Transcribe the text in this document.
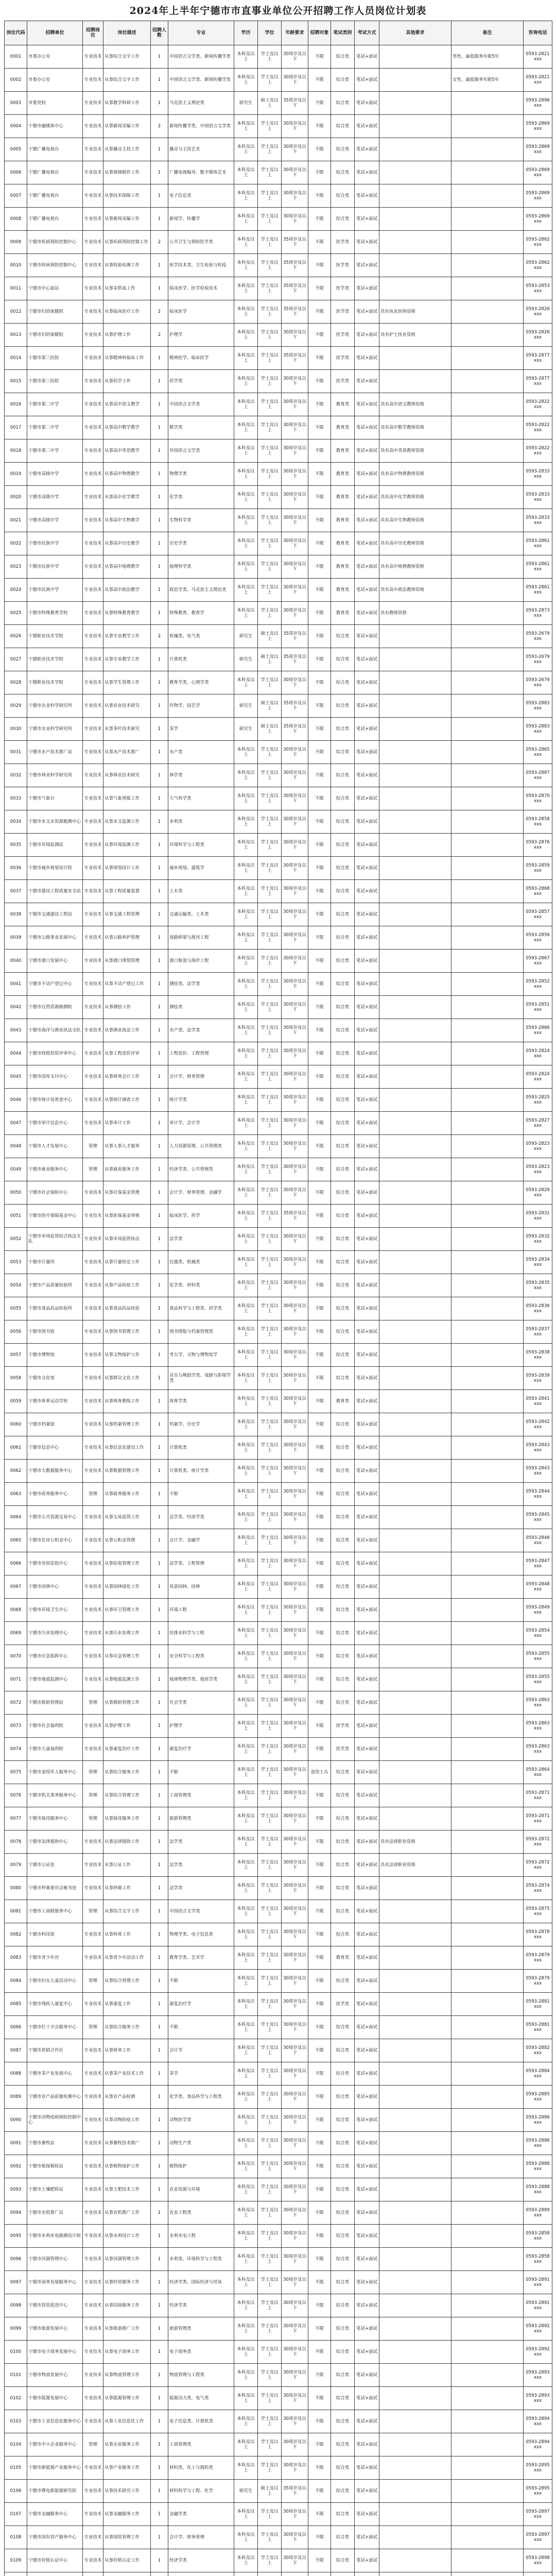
2024年上半年宁德市市直事业单位公开招聘工作人员岗位计划表
岗位代码	招聘单位	招聘岗位	岗位描述	招聘人数	专业	学历	学位	年龄要求	招聘对象	笔试类别	考试方式	其他要求	备注	咨询电话
0001	市委办公室	专业技术	从事综合文字工作	1	中国语言文学类、新闻传播学类	本科及以上	学士及以上	30周岁及以下	不限	综合类	笔试+面试		男性，最低服务年限5年	0593-2821xxx
0002	市委办公室	专业技术	从事综合文字工作	1	中国语言文学类、新闻传播学类	本科及以上	学士及以上	30周岁及以下	不限	综合类	笔试+面试		女性，最低服务年限5年	0593-2821xxx
0003	市委党校	专业技术	从事教学科研工作	1	马克思主义理论类	研究生	硕士及以上	35周岁及以下	不限	综合类	笔试+面试			0593-2896xxx
0004	宁德市融媒体中心	专业技术	从事新闻采编工作	2	新闻传播学类、中国语言文学类	本科及以上	学士及以上	30周岁及以下	不限	综合类	笔试+面试			0593-2869xxx
0005	宁德广播电视台	专业技术	从事播音主持工作	1	播音与主持艺术	本科及以上	学士及以上	30周岁及以下	不限	综合类	笔试+面试			0593-2869xxx
0006	宁德广播电视台	专业技术	从事视频制作工作	1	广播电视编导、数字媒体艺术	本科及以上	学士及以上	30周岁及以下	不限	综合类	笔试+面试			0593-2869xxx
0007	宁德广播电视台	专业技术	从事技术保障工作	1	电子信息类	本科及以上	学士及以上	30周岁及以下	不限	综合类	笔试+面试			0593-2869xxx
0008	宁德广播电视台	专业技术	从事新闻采编工作	1	新闻学、传播学	本科及以上	学士及以上	30周岁及以下	不限	综合类	笔试+面试			0593-2869xxx
0009	宁德市疾病预防控制中心	专业技术	从事疾病预防控制工作	2	公共卫生与预防医学类	本科及以上	学士及以上	35周岁及以下	不限	医学类	笔试+面试			0593-2862xxx
0010	宁德市疾病预防控制中心	专业技术	从事检验检测工作	1	医学技术类、卫生检验与检疫	本科及以上	学士及以上	35周岁及以下	不限	医学类	笔试+面试			0593-2862xxx
0011	宁德市中心血站	专业技术	从事采供血工作	1	临床医学、医学检验技术	本科及以上	学士及以上	35周岁及以下	不限	医学类	笔试+面试			0593-2853xxx
0012	宁德市妇幼保健院	专业技术	从事临床医疗工作	2	临床医学	本科及以上	学士及以上	35周岁及以下	不限	医学类	笔试+面试	具有执业医师资格		0593-2826xxx
0013	宁德市妇幼保健院	专业技术	从事护理工作	2	护理学	本科及以上	学士及以上	30周岁及以下	不限	医学类	笔试+面试	具有护士执业资格		0593-2826xxx
0014	宁德市第三医院	专业技术	从事精神科临床工作	1	精神医学、临床医学	本科及以上	学士及以上	35周岁及以下	不限	医学类	笔试+面试			0593-2877xxx
0015	宁德市第三医院	专业技术	从事药学工作	1	药学类	本科及以上	学士及以上	30周岁及以下	不限	医学类	笔试+面试			0593-2877xxx
0016	宁德市第二中学	专业技术	从事高中语文教学	1	中国语言文学类	本科及以上	学士及以上	30周岁及以下	不限	教育类	笔试+面试	具有高中语文教师资格		0593-2822xxx
0017	宁德市第二中学	专业技术	从事高中数学教学	1	数学类	本科及以上	学士及以上	30周岁及以下	不限	教育类	笔试+面试	具有高中数学教师资格		0593-2822xxx
0018	宁德市第二中学	专业技术	从事高中英语教学	1	外国语言文学类	本科及以上	学士及以上	30周岁及以下	不限	教育类	笔试+面试	具有高中英语教师资格		0593-2822xxx
0019	宁德市高级中学	专业技术	从事高中物理教学	1	物理学类	本科及以上	学士及以上	30周岁及以下	不限	教育类	笔试+面试	具有高中物理教师资格		0593-2833xxx
0020	宁德市高级中学	专业技术	从事高中化学教学	1	化学类	本科及以上	学士及以上	30周岁及以下	不限	教育类	笔试+面试	具有高中化学教师资格		0593-2833xxx
0021	宁德市高级中学	专业技术	从事高中生物教学	1	生物科学类	本科及以上	学士及以上	30周岁及以下	不限	教育类	笔试+面试	具有高中生物教师资格		0593-2833xxx
0022	宁德市民族中学	专业技术	从事高中历史教学	1	历史学类	本科及以上	学士及以上	30周岁及以下	不限	教育类	笔试+面试	具有高中历史教师资格		0593-2861xxx
0023	宁德市民族中学	专业技术	从事高中地理教学	1	地理科学类	本科及以上	学士及以上	30周岁及以下	不限	教育类	笔试+面试	具有高中地理教师资格		0593-2861xxx
0024	宁德市民族中学	专业技术	从事高中政治教学	1	政治学类、马克思主义理论类	本科及以上	学士及以上	30周岁及以下	不限	教育类	笔试+面试	具有高中政治教师资格		0593-2861xxx
0025	宁德市特殊教育学校	专业技术	从事特殊教育教学	1	特殊教育、教育学	本科及以上	学士及以上	30周岁及以下	不限	教育类	笔试+面试	具有教师资格		0593-2873xxx
0026	宁德职业技术学院	专业技术	从事专业教学工作	2	机械类、电气类	研究生	硕士及以上	35周岁及以下	不限	综合类	笔试+面试			0593-2679xxx
0027	宁德职业技术学院	专业技术	从事专业教学工作	1	计算机类	研究生	硕士及以上	35周岁及以下	不限	综合类	笔试+面试			0593-2679xxx
0028	宁德职业技术学院	专业技术	从事学生管理工作	1	教育学类、心理学类	本科及以上	学士及以上	30周岁及以下	不限	综合类	笔试+面试			0593-2679xxx
0029	宁德市农业科学研究所	专业技术	从事农业技术研究	1	作物学、园艺学	研究生	硕士及以上	35周岁及以下	不限	综合类	笔试+面试			0593-2883xxx
0030	宁德市农业科学研究所	专业技术	从事茶叶技术研究	1	茶学	研究生	硕士及以上	35周岁及以下	不限	综合类	笔试+面试			0593-2883xxx
0031	宁德市水产技术推广站	专业技术	从事水产技术推广	1	水产类	本科及以上	学士及以上	30周岁及以下	不限	综合类	笔试+面试			0593-2865xxx
0032	宁德市林业科学研究所	专业技术	从事林业技术研究	1	林学类	本科及以上	学士及以上	30周岁及以下	不限	综合类	笔试+面试			0593-2887xxx
0033	宁德市气象台	专业技术	从事气象预报工作	1	大气科学类	本科及以上	学士及以上	30周岁及以下	不限	综合类	笔试+面试			0593-2870xxx
0034	宁德市水文水资源勘测中心	专业技术	从事水文监测工作	1	水利类	本科及以上	学士及以上	30周岁及以下	不限	综合类	笔试+面试			0593-2858xxx
0035	宁德市环境监测站	专业技术	从事环境监测工作	1	环境科学与工程类	本科及以上	学士及以上	30周岁及以下	不限	综合类	笔试+面试			0593-2876xxx
0036	宁德市城乡规划设计院	专业技术	从事规划设计工作	1	城乡规划、建筑学	本科及以上	学士及以上	30周岁及以下	不限	综合类	笔试+面试			0593-2859xxx
0037	宁德市建设工程质量安全站	专业技术	从事工程质量监督	1	土木类	本科及以上	学士及以上	30周岁及以下	不限	综合类	笔试+面试			0593-2868xxx
0038	宁德市交通建设工程站	专业技术	从事交通工程管理	1	交通运输类、土木类	本科及以上	学士及以上	30周岁及以下	不限	综合类	笔试+面试			0593-2857xxx
0039	宁德市公路事业发展中心	专业技术	从事公路养护管理	1	道路桥梁与渡河工程	本科及以上	学士及以上	30周岁及以下	不限	综合类	笔试+面试			0593-2856xxx
0040	宁德市港口发展中心	专业技术	从事港口规划管理	1	港口航道与海岸工程	本科及以上	学士及以上	30周岁及以下	不限	综合类	笔试+面试			0593-2867xxx
0041	宁德市不动产登记中心	专业技术	从事不动产登记工作	1	测绘类、法学类	本科及以上	学士及以上	30周岁及以下	不限	综合类	笔试+面试			0593-2852xxx
0042	宁德市自然资源勘测院	专业技术	从事测绘工作	1	测绘类	本科及以上	学士及以上	30周岁及以下	不限	综合类	笔试+面试			0593-2851xxx
0043	宁德市海洋与渔业执法支队	专业技术	从事渔业执法工作	1	水产类、法学类	本科及以上	学士及以上	30周岁及以下	不限	综合类	笔试+面试			0593-2866xxx
0044	宁德市财政投资评审中心	专业技术	从事工程造价评审	1	工程造价、工程管理	本科及以上	学士及以上	30周岁及以下	不限	综合类	笔试+面试			0593-2824xxx
0045	宁德市国库支付中心	专业技术	从事财务会计工作	1	会计学、财务管理	本科及以上	学士及以上	30周岁及以下	不限	综合类	笔试+面试			0593-2824xxx
0046	宁德市统计局普查中心	专业技术	从事统计调查工作	1	统计学类	本科及以上	学士及以上	30周岁及以下	不限	综合类	笔试+面试			0593-2825xxx
0047	宁德市审计信息中心	专业技术	从事审计工作	1	审计学、会计学	本科及以上	学士及以上	30周岁及以下	不限	综合类	笔试+面试			0593-2827xxx
0048	宁德市人才发展中心	管理	从事人事人才服务	1	人力资源管理、公共管理类	本科及以上	学士及以上	30周岁及以下	不限	综合类	笔试+面试			0593-2823xxx
0049	宁德市就业服务中心	管理	从事就业服务工作	1	经济学类、公共管理类	本科及以上	学士及以上	30周岁及以下	不限	综合类	笔试+面试			0593-2823xxx
0050	宁德市社会保险中心	专业技术	从事社保基金管理	1	会计学、财务管理、金融学	本科及以上	学士及以上	30周岁及以下	不限	综合类	笔试+面试			0593-2829xxx
0051	宁德市医疗保障基金中心	专业技术	从事医保基金审核	1	临床医学、药学	本科及以上	学士及以上	35周岁及以下	不限	综合类	笔试+面试			0593-2831xxx
0052	宁德市市场监管综合执法支队	专业技术	从事市场监管执法	1	法学类	本科及以上	学士及以上	30周岁及以下	不限	综合类	笔试+面试			0593-2832xxx
0053	宁德市计量所	专业技术	从事计量检定工作	1	仪器类、机械类	本科及以上	学士及以上	30周岁及以下	不限	综合类	笔试+面试			0593-2834xxx
0054	宁德市产品质量检验所	专业技术	从事产品检验工作	1	化学类、材料类	本科及以上	学士及以上	30周岁及以下	不限	综合类	笔试+面试			0593-2835xxx
0055	宁德市食品药品检验所	专业技术	从事食品药品检验	1	食品科学与工程类、药学类	本科及以上	学士及以上	30周岁及以下	不限	综合类	笔试+面试			0593-2836xxx
0056	宁德市图书馆	专业技术	从事图书管理工作	1	图书情报与档案管理类	本科及以上	学士及以上	30周岁及以下	不限	综合类	笔试+面试			0593-2837xxx
0057	宁德市博物馆	专业技术	从事文物保护工作	1	考古学、文物与博物馆学	本科及以上	学士及以上	30周岁及以下	不限	综合类	笔试+面试			0593-2838xxx
0058	宁德市文化馆	专业技术	从事群众文化工作	1	音乐与舞蹈学类、戏剧与影视学类	本科及以上	学士及以上	30周岁及以下	不限	综合类	笔试+面试			0593-2839xxx
0059	宁德市体育运动学校	专业技术	从事体育教练工作	1	体育学类	本科及以上	学士及以上	30周岁及以下	不限	教育类	笔试+面试			0593-2841xxx
0060	宁德市档案馆	专业技术	从事档案管理工作	1	档案学、历史学	本科及以上	学士及以上	30周岁及以下	不限	综合类	笔试+面试			0593-2842xxx
0061	宁德市信息中心	专业技术	从事信息化建设工作	1	计算机类	本科及以上	学士及以上	30周岁及以下	不限	综合类	笔试+面试			0593-2843xxx
0062	宁德市大数据服务中心	专业技术	从事数据管理工作	1	计算机类、统计学类	本科及以上	学士及以上	30周岁及以下	不限	综合类	笔试+面试			0593-2843xxx
0063	宁德市政务服务中心	管理	从事政务服务工作	1	不限	本科及以上	学士及以上	30周岁及以下	不限	综合类	笔试+面试			0593-2844xxx
0064	宁德市公共资源交易中心	专业技术	从事交易监管工作	1	法学类、经济学类	本科及以上	学士及以上	30周岁及以下	不限	综合类	笔试+面试			0593-2845xxx
0065	宁德市住房公积金中心	专业技术	从事公积金管理	1	会计学、金融学	本科及以上	学士及以上	30周岁及以下	不限	综合类	笔试+面试			0593-2846xxx
0066	宁德市房屋征收中心	专业技术	从事征收管理工作	1	法学类、工程管理	本科及以上	学士及以上	30周岁及以下	不限	综合类	笔试+面试			0593-2847xxx
0067	宁德市园林中心	专业技术	从事园林绿化工作	1	风景园林、园林	本科及以上	学士及以上	30周岁及以下	不限	综合类	笔试+面试			0593-2848xxx
0068	宁德市环境卫生中心	专业技术	从事环卫管理工作	1	环境工程	本科及以上	学士及以上	30周岁及以下	不限	综合类	笔试+面试			0593-2849xxx
0069	宁德市污水处理中心	专业技术	从事污水处理工作	1	给排水科学与工程	本科及以上	学士及以上	30周岁及以下	不限	综合类	笔试+面试			0593-2854xxx
0070	宁德市应急指挥中心	专业技术	从事应急管理工作	1	安全科学与工程类	本科及以上	学士及以上	30周岁及以下	不限	综合类	笔试+面试			0593-2855xxx
0071	宁德市地震监测中心	专业技术	从事地震监测工作	1	地球物理学类、地质学类	本科及以上	学士及以上	30周岁及以下	不限	综合类	笔试+面试			0593-2855xxx
0072	宁德市救助管理站	管理	从事救助管理工作	1	社会学类	本科及以上	学士及以上	30周岁及以下	不限	综合类	笔试+面试			0593-2863xxx
0073	宁德市社会福利院	专业技术	从事护理工作	1	护理学	本科及以上	学士及以上	30周岁及以下	不限	医学类	笔试+面试			0593-2863xxx
0074	宁德市儿童福利院	专业技术	从事康复治疗工作	1	康复治疗学	本科及以上	学士及以上	30周岁及以下	不限	医学类	笔试+面试			0593-2863xxx
0075	宁德市退役军人服务中心	管理	从事综合服务工作	1	不限	本科及以上	学士及以上	30周岁及以下	退役士兵	综合类	笔试+面试			0593-2864xxx
0076	宁德市机关事务服务中心	管理	从事综合管理工作	1	工商管理类	本科及以上	学士及以上	30周岁及以下	不限	综合类	笔试+面试			0593-2871xxx
0077	宁德市接待服务中心	管理	从事接待服务工作	1	旅游管理类	本科及以上	学士及以上	30周岁及以下	不限	综合类	笔试+面试			0593-2871xxx
0078	宁德市法律援助中心	专业技术	从事法律援助工作	1	法学类	本科及以上	学士及以上	30周岁及以下	不限	综合类	笔试+面试	具有法律职业资格		0593-2872xxx
0079	宁德市公证处	专业技术	从事公证工作	1	法学类	本科及以上	学士及以上	30周岁及以下	不限	综合类	笔试+面试	具有法律职业资格		0593-2872xxx
0080	宁德市仲裁委员会秘书处	专业技术	从事仲裁工作	1	法学类	本科及以上	学士及以上	30周岁及以下	不限	综合类	笔试+面试			0593-2874xxx
0081	宁德市工商联服务中心	管理	从事综合文字工作	1	中国语言文学类	本科及以上	学士及以上	30周岁及以下	不限	综合类	笔试+面试			0593-2875xxx
0082	宁德市科技馆	专业技术	从事科普工作	1	物理学类、电子信息类	本科及以上	学士及以上	30周岁及以下	不限	综合类	笔试+面试			0593-2878xxx
0083	宁德市青少年宫	专业技术	从事青少年活动工作	1	教育学类、艺术学	本科及以上	学士及以上	30周岁及以下	不限	教育类	笔试+面试			0593-2879xxx
0084	宁德市妇女儿童活动中心	管理	从事综合管理工作	1	不限	本科及以上	学士及以上	30周岁及以下	不限	综合类	笔试+面试			0593-2879xxx
0085	宁德市残疾人康复中心	专业技术	从事康复工作	1	康复治疗学	本科及以上	学士及以上	30周岁及以下	不限	医学类	笔试+面试			0593-2881xxx
0086	宁德市红十字会服务中心	管理	从事综合服务工作	1	不限	本科及以上	学士及以上	30周岁及以下	不限	综合类	笔试+面试			0593-2881xxx
0087	宁德市供销合作社	专业技术	从事财务工作	1	会计学	本科及以上	学士及以上	30周岁及以下	不限	综合类	笔试+面试			0593-2882xxx
0088	宁德市茶产业发展中心	专业技术	从事茶产业技术工作	1	茶学	本科及以上	学士及以上	30周岁及以下	不限	综合类	笔试+面试			0593-2884xxx
0089	宁德市农产品质量检测中心	专业技术	从事农产品检测	1	化学类、食品科学与工程类	本科及以上	学士及以上	30周岁及以下	不限	综合类	笔试+面试			0593-2885xxx
0090	宁德市动物疫病预防控制中心	专业技术	从事动物防疫工作	1	动物医学类	本科及以上	学士及以上	30周岁及以下	不限	综合类	笔试+面试			0593-2886xxx
0091	宁德市畜牧站	专业技术	从事畜牧技术推广	1	动物生产类	本科及以上	学士及以上	30周岁及以下	不限	综合类	笔试+面试			0593-2886xxx
0092	宁德市植保植检站	专业技术	从事植物保护工作	1	植物保护	本科及以上	学士及以上	30周岁及以下	不限	综合类	笔试+面试			0593-2888xxx
0093	宁德市土壤肥料站	专业技术	从事土肥技术工作	1	农业资源与环境	本科及以上	学士及以上	30周岁及以下	不限	综合类	笔试+面试			0593-2888xxx
0094	宁德市农机推广站	专业技术	从事农机推广工作	1	农业工程类	本科及以上	学士及以上	30周岁及以下	不限	综合类	笔试+面试			0593-2889xxx
0095	宁德市水利水电勘测设计院	专业技术	从事水利设计工作	1	水利水电工程	本科及以上	学士及以上	30周岁及以下	不限	综合类	笔试+面试			0593-2858xxx
0096	宁德市河湖管理中心	专业技术	从事河湖管理工作	1	水利类、环境科学与工程类	本科及以上	学士及以上	30周岁及以下	不限	综合类	笔试+面试			0593-2858xxx
0097	宁德市商务发展服务中心	专业技术	从事经贸服务工作	1	经济学类、国际经济与贸易	本科及以上	学士及以上	30周岁及以下	不限	综合类	笔试+面试			0593-2891xxx
0098	宁德市投资促进中心	专业技术	从事招商服务工作	1	经济学类	本科及以上	学士及以上	30周岁及以下	不限	综合类	笔试+面试			0593-2891xxx
0099	宁德市旅游发展中心	专业技术	从事旅游推广工作	1	旅游管理类	本科及以上	学士及以上	30周岁及以下	不限	综合类	笔试+面试			0593-2892xxx
0100	宁德市电子商务发展中心	专业技术	从事电子商务工作	1	电子商务类	本科及以上	学士及以上	30周岁及以下	不限	综合类	笔试+面试			0593-2892xxx
0101	宁德市物流发展中心	专业技术	从事物流管理工作	1	物流管理与工程类	本科及以上	学士及以上	30周岁及以下	不限	综合类	笔试+面试			0593-2893xxx
0102	宁德市能源发展中心	专业技术	从事能源管理工作	1	能源动力类、电气类	本科及以上	学士及以上	30周岁及以下	不限	综合类	笔试+面试			0593-2893xxx
0103	宁德市工业信息化服务中心	专业技术	从事工业信息化工作	1	电子信息类、计算机类	本科及以上	学士及以上	30周岁及以下	不限	综合类	笔试+面试			0593-2894xxx
0104	宁德市中小企业服务中心	管理	从事企业服务工作	1	工商管理类	本科及以上	学士及以上	30周岁及以下	不限	综合类	笔试+面试			0593-2894xxx
0105	宁德市新能源产业服务中心	专业技术	从事产业服务工作	1	材料类、化工与制药类	本科及以上	学士及以上	30周岁及以下	不限	综合类	笔试+面试			0593-2895xxx
0106	宁德市锂电新能源研究院	专业技术	从事技术研究工作	1	材料科学与工程、化学	研究生	硕士及以上	35周岁及以下	不限	综合类	笔试+面试			0593-2895xxx
0107	宁德市金融服务中心	专业技术	从事金融服务工作	1	金融学类	本科及以上	学士及以上	30周岁及以下	不限	综合类	笔试+面试			0593-2897xxx
0108	宁德市国有资产服务中心	专业技术	从事国资管理工作	1	会计学、财务管理	本科及以上	学士及以上	30周岁及以下	不限	综合类	笔试+面试			0593-2897xxx
0109	宁德市价格认证中心	专业技术	从事价格认定工作	1	经济学类	本科及以上	学士及以上	30周岁及以下	不限	综合类	笔试+面试			0593-2898xxx
